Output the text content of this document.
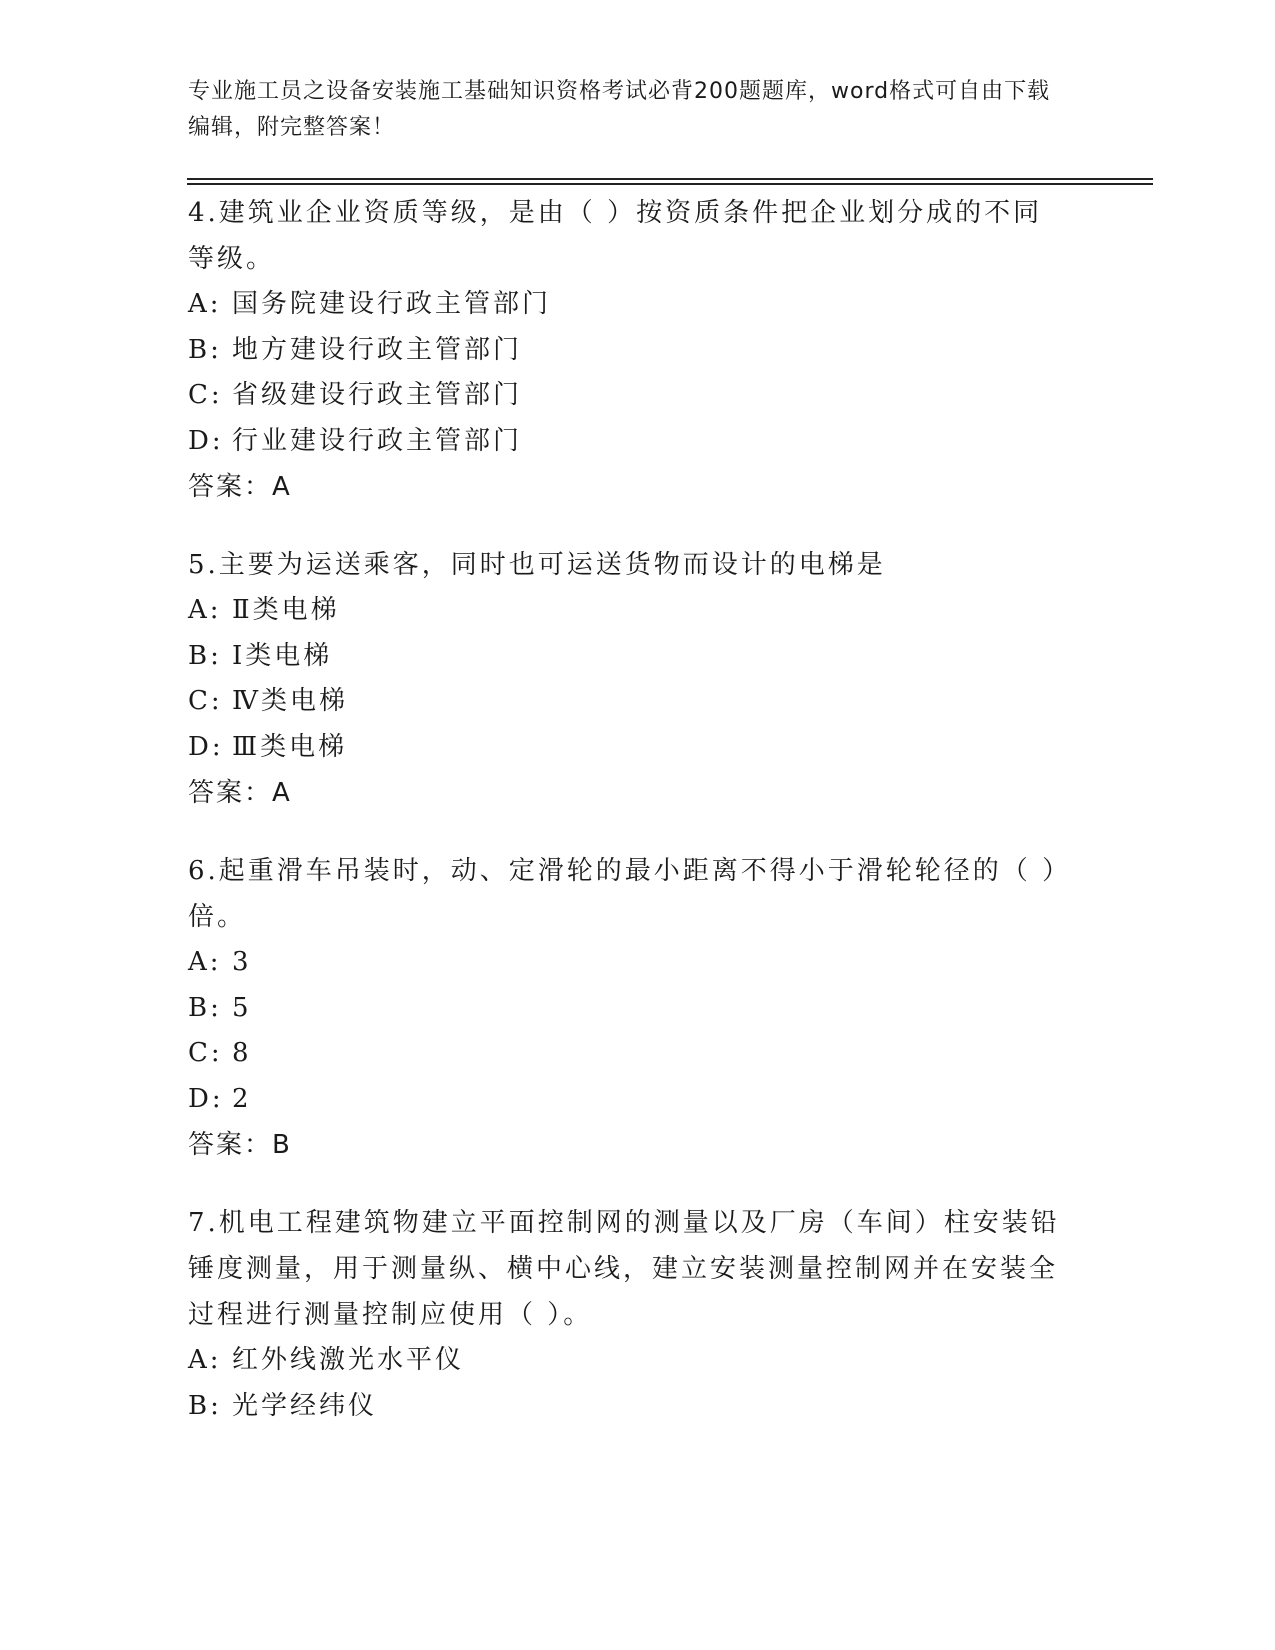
专业施工员之设备安装施工基础知识资格考试必背200题题库，word格式可自由下载编辑，附完整答案！
4.建筑业企业资质等级，是由（ ）按资质条件把企业划分成的不同等级。
A: 国务院建设行政主管部门
B: 地方建设行政主管部门
C: 省级建设行政主管部门
D: 行业建设行政主管部门
答案：A
5.主要为运送乘客，同时也可运送货物而设计的电梯是
A: Ⅱ类电梯
B: Ⅰ类电梯
C: Ⅳ类电梯
D: Ⅲ类电梯
答案：A
6.起重滑车吊装时，动、定滑轮的最小距离不得小于滑轮轮径的（ ）倍。
A: 3
B: 5
C: 8
D: 2
答案：B
7.机电工程建筑物建立平面控制网的测量以及厂房（车间）柱安装铅锤度测量，用于测量纵、横中心线，建立安装测量控制网并在安装全过程进行测量控制应使用（ ）。
A: 红外线激光水平仪
B: 光学经纬仪
